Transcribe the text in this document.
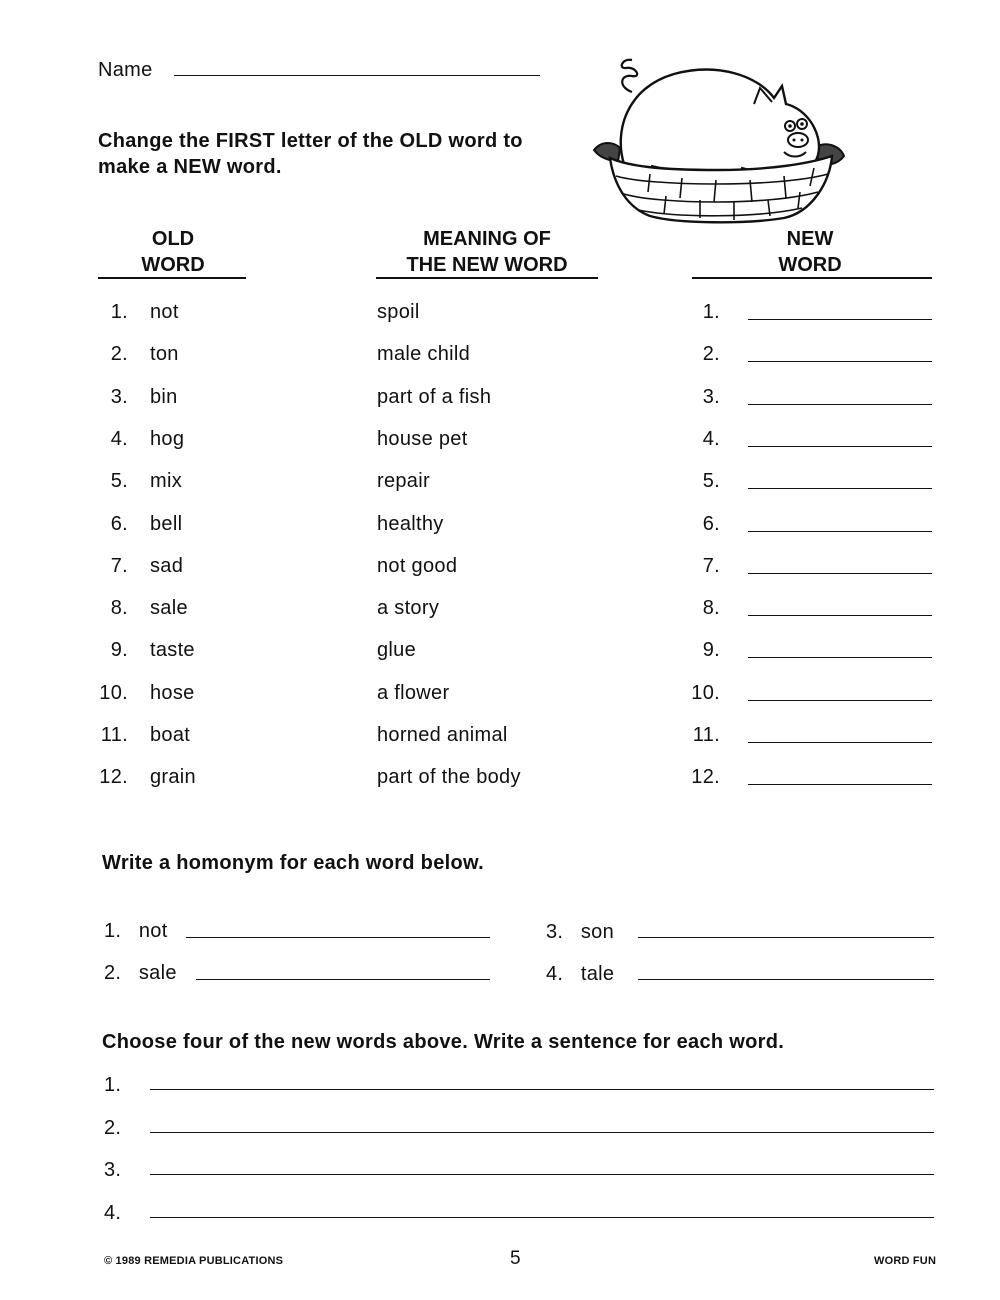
Name
Change the FIRST letter of the OLD word to
make a NEW word.
OLD
WORD
MEANING OF
THE NEW WORD
NEW
WORD
1. not	spoil	1.
2. ton	male child	2.
3. bin	part of a fish	3.
4. hog	house pet	4.
5. mix	repair	5.
6. bell	healthy	6.
7. sad	not good	7.
8. sale	a story	8.
9. taste	glue	9.
10. hose	a flower	10.
11. boat	horned animal	11.
12. grain	part of the body	12.
Write a homonym for each word below.
1. not
2. sale
3. son
4. tale
Choose four of the new words above. Write a sentence for each word.
1.
2.
3.
4.
© 1989 REMEDIA PUBLICATIONS	5	WORD FUN
